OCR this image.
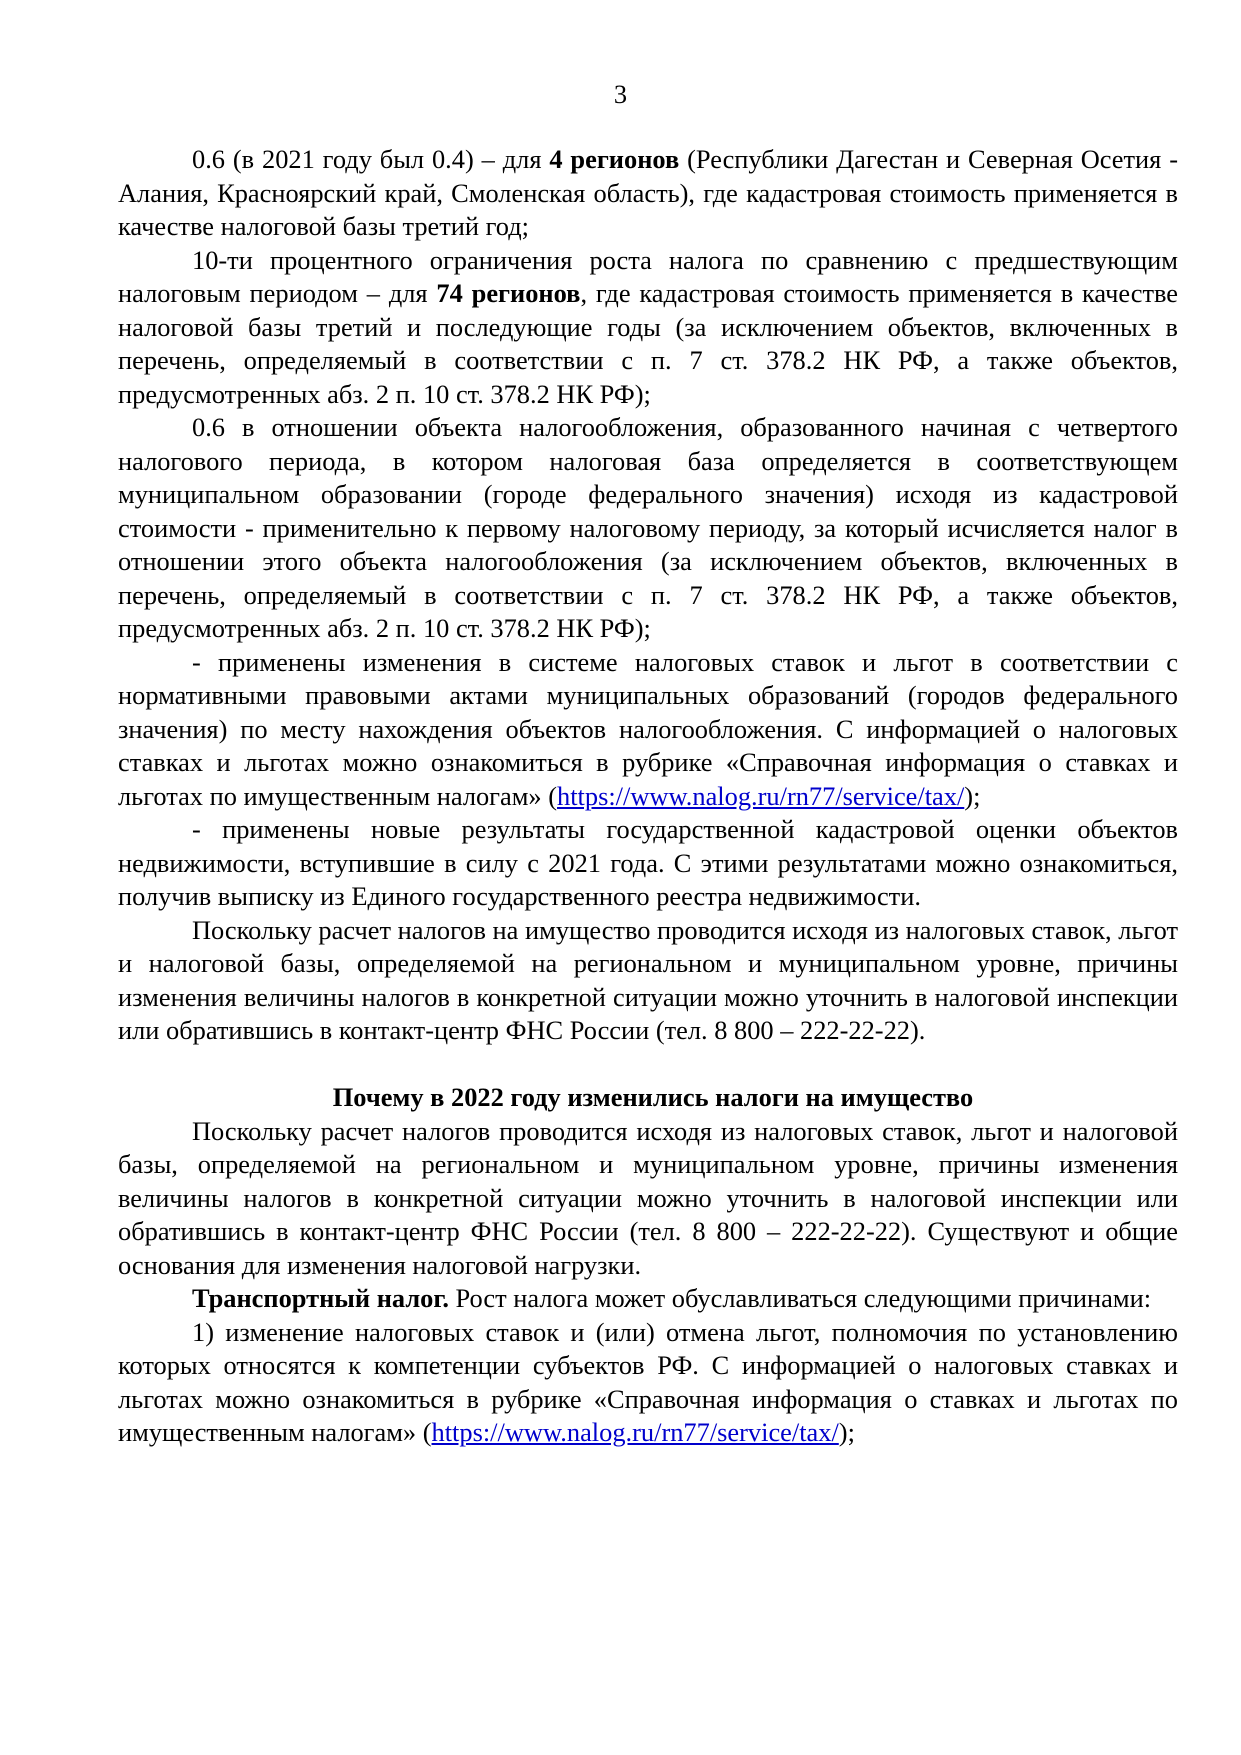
3

0.6 (в 2021 году был 0.4) – для 4 регионов (Республики Дагестан и Северная Осетия - Алания, Красноярский край, Смоленская область), где кадастровая стоимость применяется в качестве налоговой базы третий год;

10-ти процентного ограничения роста налога по сравнению с предшествующим налоговым периодом – для 74 регионов, где кадастровая стоимость применяется в качестве налоговой базы третий и последующие годы (за исключением объектов, включенных в перечень, определяемый в соответствии с п. 7 ст. 378.2 НК РФ, а также объектов, предусмотренных абз. 2 п. 10 ст. 378.2 НК РФ);

0.6 в отношении объекта налогообложения, образованного начиная с четвертого налогового периода, в котором налоговая база определяется в соответствующем муниципальном образовании (городе федерального значения) исходя из кадастровой стоимости - применительно к первому налоговому периоду, за который исчисляется налог в отношении этого объекта налогообложения (за исключением объектов, включенных в перечень, определяемый в соответствии с п. 7 ст. 378.2 НК РФ, а также объектов, предусмотренных абз. 2 п. 10 ст. 378.2 НК РФ);

- применены изменения в системе налоговых ставок и льгот в соответствии с нормативными правовыми актами муниципальных образований (городов федерального значения) по месту нахождения объектов налогообложения. С информацией о налоговых ставках и льготах можно ознакомиться в рубрике «Справочная информация о ставках и льготах по имущественным налогам» (https://www.nalog.ru/rn77/service/tax/);

- применены новые результаты государственной кадастровой оценки объектов недвижимости, вступившие в силу с 2021 года. С этими результатами можно ознакомиться, получив выписку из Единого государственного реестра недвижимости.

Поскольку расчет налогов на имущество проводится исходя из налоговых ставок, льгот и налоговой базы, определяемой на региональном и муниципальном уровне, причины изменения величины налогов в конкретной ситуации можно уточнить в налоговой инспекции или обратившись в контакт-центр ФНС России (тел. 8 800 – 222-22-22).

Почему в 2022 году изменились налоги на имущество

Поскольку расчет налогов проводится исходя из налоговых ставок, льгот и налоговой базы, определяемой на региональном и муниципальном уровне, причины изменения величины налогов в конкретной ситуации можно уточнить в налоговой инспекции или обратившись в контакт-центр ФНС России (тел. 8 800 – 222-22-22). Существуют и общие основания для изменения налоговой нагрузки.

Транспортный налог. Рост налога может обуславливаться следующими причинами:

1) изменение налоговых ставок и (или) отмена льгот, полномочия по установлению которых относятся к компетенции субъектов РФ. С информацией о налоговых ставках и льготах можно ознакомиться в рубрике «Справочная информация о ставках и льготах по имущественным налогам» (https://www.nalog.ru/rn77/service/tax/);
